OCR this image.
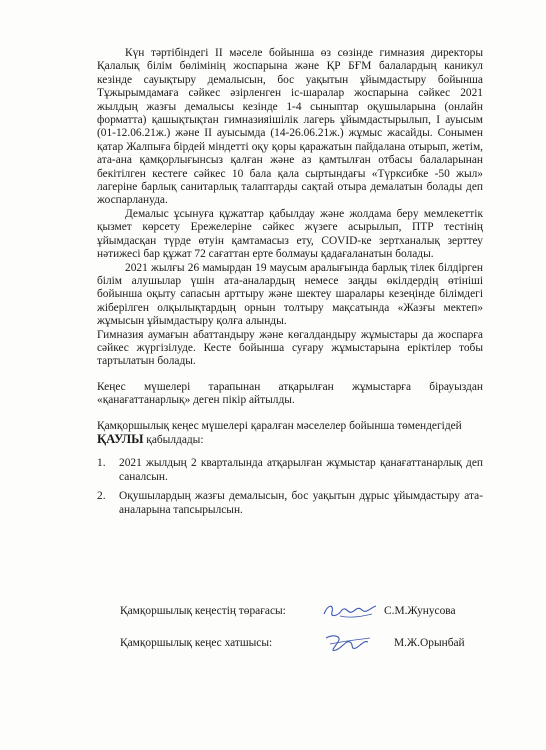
Күн тәртібіндегі II мәселе бойынша өз сөзінде гимназия директоры Қалалық білім бөлімінің жоспарына және ҚР БҒМ балалардың каникул кезінде сауықтыру демалысын, бос уақытын ұйымдастыру бойынша Тұжырымдамаға сәйкес әзірленген іс-шаралар жоспарына сәйкес 2021 жылдың жазғы демалысы кезінде 1-4 сыныптар оқушыларына (онлайн форматта) қашықтықтан гимназияішілік лагерь ұйымдастырылып, І ауысым (01-12.06.21ж.) және ІІ ауысымда (14-26.06.21ж.) жұмыс жасайды. Сонымен қатар Жалпыға бірдей міндетті оқу қоры қаражатын пайдалана отырып, жетім, ата-ана қамқорлығынсыз қалған және аз қамтылған отбасы балаларынан бекітілген кестеге сәйкес 10 бала қала сыртындағы «Түрксибке -50 жыл» лагеріне барлық санитарлық талаптарды сақтай отыра демалатын болады деп жоспарлануда.

Демалыс ұсынуға құжаттар қабылдау және жолдама беру мемлекеттік қызмет көрсету Ережелеріне сәйкес жүзеге асырылып, ПТР тестінің ұйымдасқан түрде өтуін қамтамасыз ету, COVID-ке зертханалық зерттеу нәтижесі бар құжат 72 сағаттан ерте болмауы қадағаланатын болады.

2021 жылғы 26 мамырдан 19 маусым аралығында барлық тілек білдірген білім алушылар үшін ата-аналардың немесе заңды өкілдердің өтініші бойынша оқыту сапасын арттыру және шектеу шаралары кезеңінде білімдегі жіберілген олқылықтардың орнын толтыру мақсатында «Жазғы мектеп» жұмысын ұйымдастыру қолға алынды.

Гимназия аумағын абаттандыру және көгалдандыру жұмыстары да жоспарға сәйкес жүргізілуде. Кесте бойынша суғару жұмыстарына еріктілер тобы тартылатын болады.

Кеңес мүшелері тарапынан атқарылған жұмыстарға бірауыздан «қанағаттанарлық» деген пікір айтылды.

Қамқоршылық кеңес мүшелері қаралған мәселелер бойынша төмендегідей
ҚАУЛЫ қабылдады:

1. 2021 жылдың 2 кварталында атқарылған жұмыстар қанағаттанарлық деп саналсын.
2. Оқушылардың жазғы демалысын, бос уақытын дұрыс ұйымдастыру ата-аналарына тапсырылсын.
Қамқоршылық кеңестің төрағасы:	С.М.Жунусова
Қамқоршылық кеңес хатшысы:	М.Ж.Орынбай
